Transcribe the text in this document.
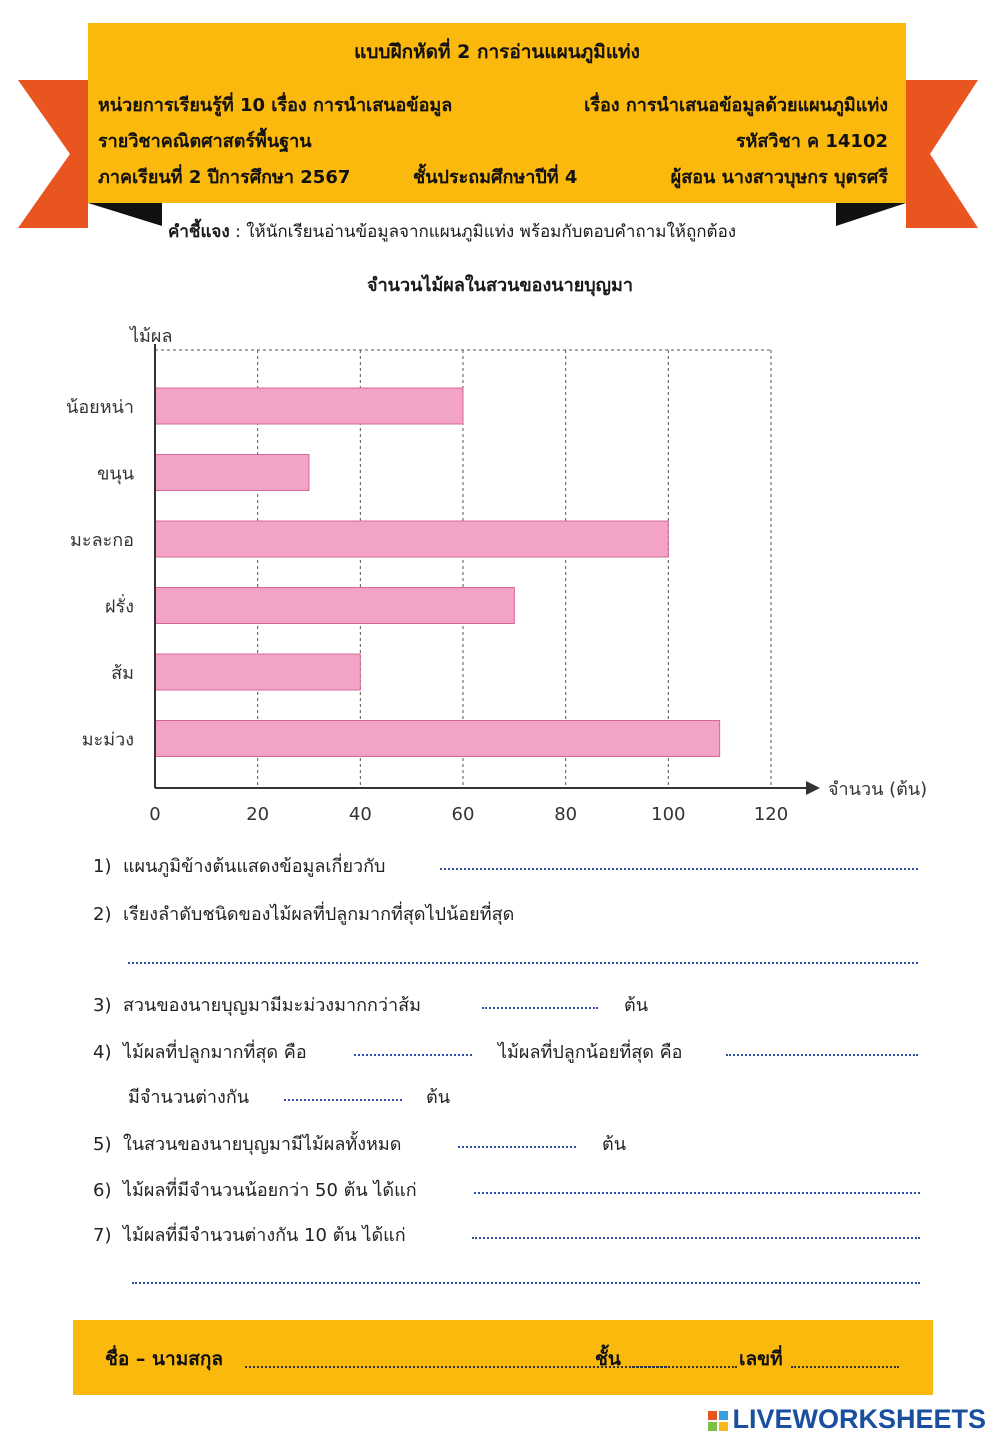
แบบฝึกหัดที่ 2 การอ่านแผนภูมิแท่ง
หน่วยการเรียนรู้ที่ 10 เรื่อง การนำเสนอข้อมูล	เรื่อง การนำเสนอข้อมูลด้วยแผนภูมิแท่ง
รายวิชาคณิตศาสตร์พื้นฐาน	รหัสวิชา ค 14102
ภาคเรียนที่ 2 ปีการศึกษา 2567	ชั้นประถมศึกษาปีที่ 4	ผู้สอน นางสาวบุษกร บุตรศรี
คำชี้แจง : ให้นักเรียนอ่านข้อมูลจากแผนภูมิแท่ง พร้อมกับตอบคำถามให้ถูกต้อง
จำนวนไม้ผลในสวนของนายบุญมา
น้อยหน่า
ขนุน
มะละกอ
ฝรั่ง
ส้ม
มะม่วง
0	20	40	60	80	100	120
ไม้ผล
จำนวน (ต้น)
1) แผนภูมิข้างต้นแสดงข้อมูลเกี่ยวกับ
2) เรียงลำดับชนิดของไม้ผลที่ปลูกมากที่สุดไปน้อยที่สุด
3) สวนของนายบุญมามีมะม่วงมากกว่าส้ม	ต้น
4) ไม้ผลที่ปลูกมากที่สุด คือ	ไม้ผลที่ปลูกน้อยที่สุด คือ
มีจำนวนต่างกัน	ต้น
5) ในสวนของนายบุญมามีไม้ผลทั้งหมด	ต้น
6) ไม้ผลที่มีจำนวนน้อยกว่า 50 ต้น ได้แก่
7) ไม้ผลที่มีจำนวนต่างกัน 10 ต้น ได้แก่
ชื่อ – นามสกุล	ชั้น	เลขที่
LIVEWORKSHEETS
